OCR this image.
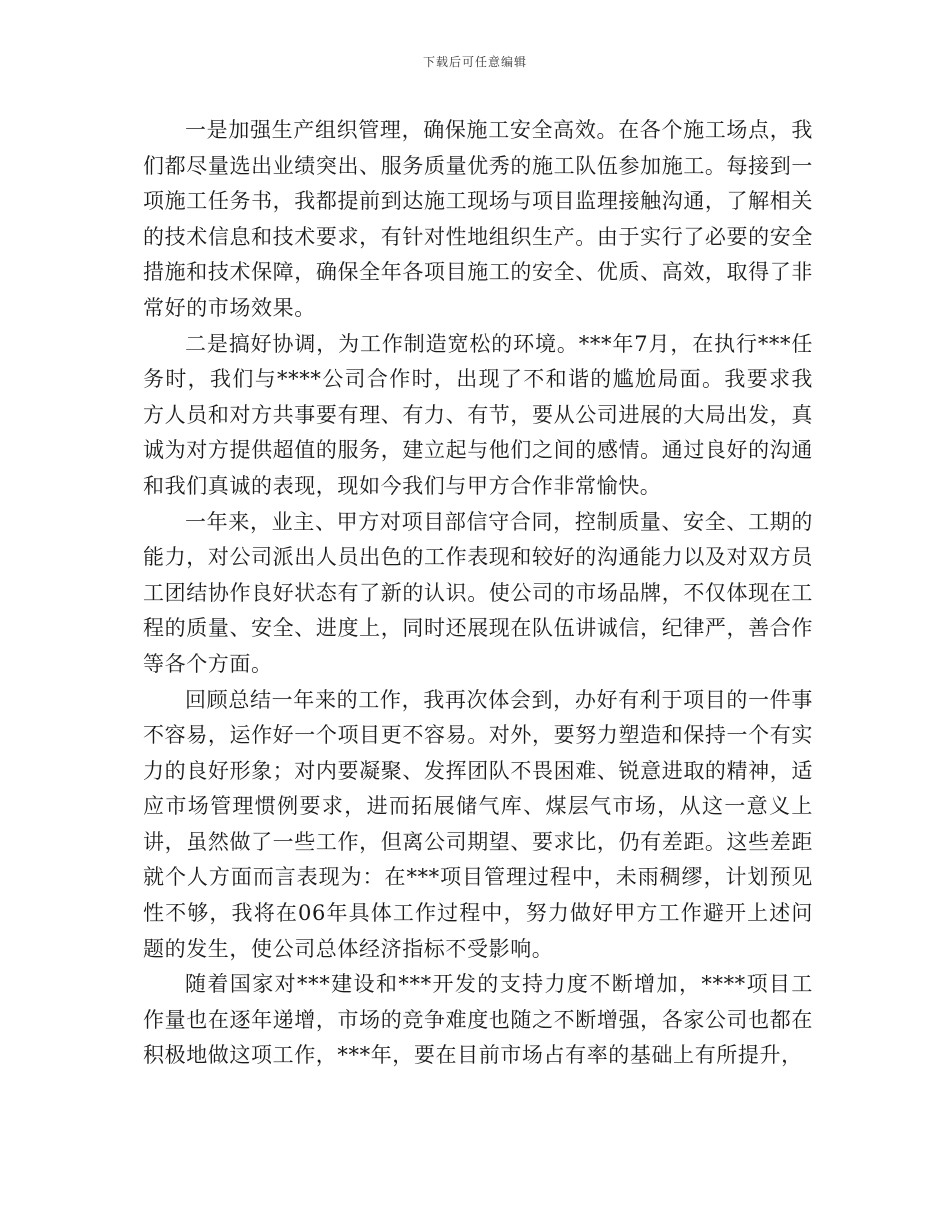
下载后可任意编辑

一是加强生产组织管理，确保施工安全高效。在各个施工场点，我们都尽量选出业绩突出、服务质量优秀的施工队伍参加施工。每接到一项施工任务书，我都提前到达施工现场与项目监理接触沟通，了解相关的技术信息和技术要求，有针对性地组织生产。由于实行了必要的安全措施和技术保障，确保全年各项目施工的安全、优质、高效，取得了非常好的市场效果。

二是搞好协调，为工作制造宽松的环境。***年7月，在执行***任务时，我们与****公司合作时，出现了不和谐的尴尬局面。我要求我方人员和对方共事要有理、有力、有节，要从公司进展的大局出发，真诚为对方提供超值的服务，建立起与他们之间的感情。通过良好的沟通和我们真诚的表现，现如今我们与甲方合作非常愉快。

一年来，业主、甲方对项目部信守合同，控制质量、安全、工期的能力，对公司派出人员出色的工作表现和较好的沟通能力以及对双方员工团结协作良好状态有了新的认识。使公司的市场品牌，不仅体现在工程的质量、安全、进度上，同时还展现在队伍讲诚信，纪律严，善合作等各个方面。

回顾总结一年来的工作，我再次体会到，办好有利于项目的一件事不容易，运作好一个项目更不容易。对外，要努力塑造和保持一个有实力的良好形象；对内要凝聚、发挥团队不畏困难、锐意进取的精神，适应市场管理惯例要求，进而拓展储气库、煤层气市场，从这一意义上讲，虽然做了一些工作，但离公司期望、要求比，仍有差距。这些差距就个人方面而言表现为：在***项目管理过程中，未雨稠缪，计划预见性不够，我将在06年具体工作过程中，努力做好甲方工作避开上述问题的发生，使公司总体经济指标不受影响。

随着国家对***建设和***开发的支持力度不断增加，****项目工作量也在逐年递增，市场的竞争难度也随之不断增强，各家公司也都在积极地做这项工作，***年，要在目前市场占有率的基础上有所提升，
